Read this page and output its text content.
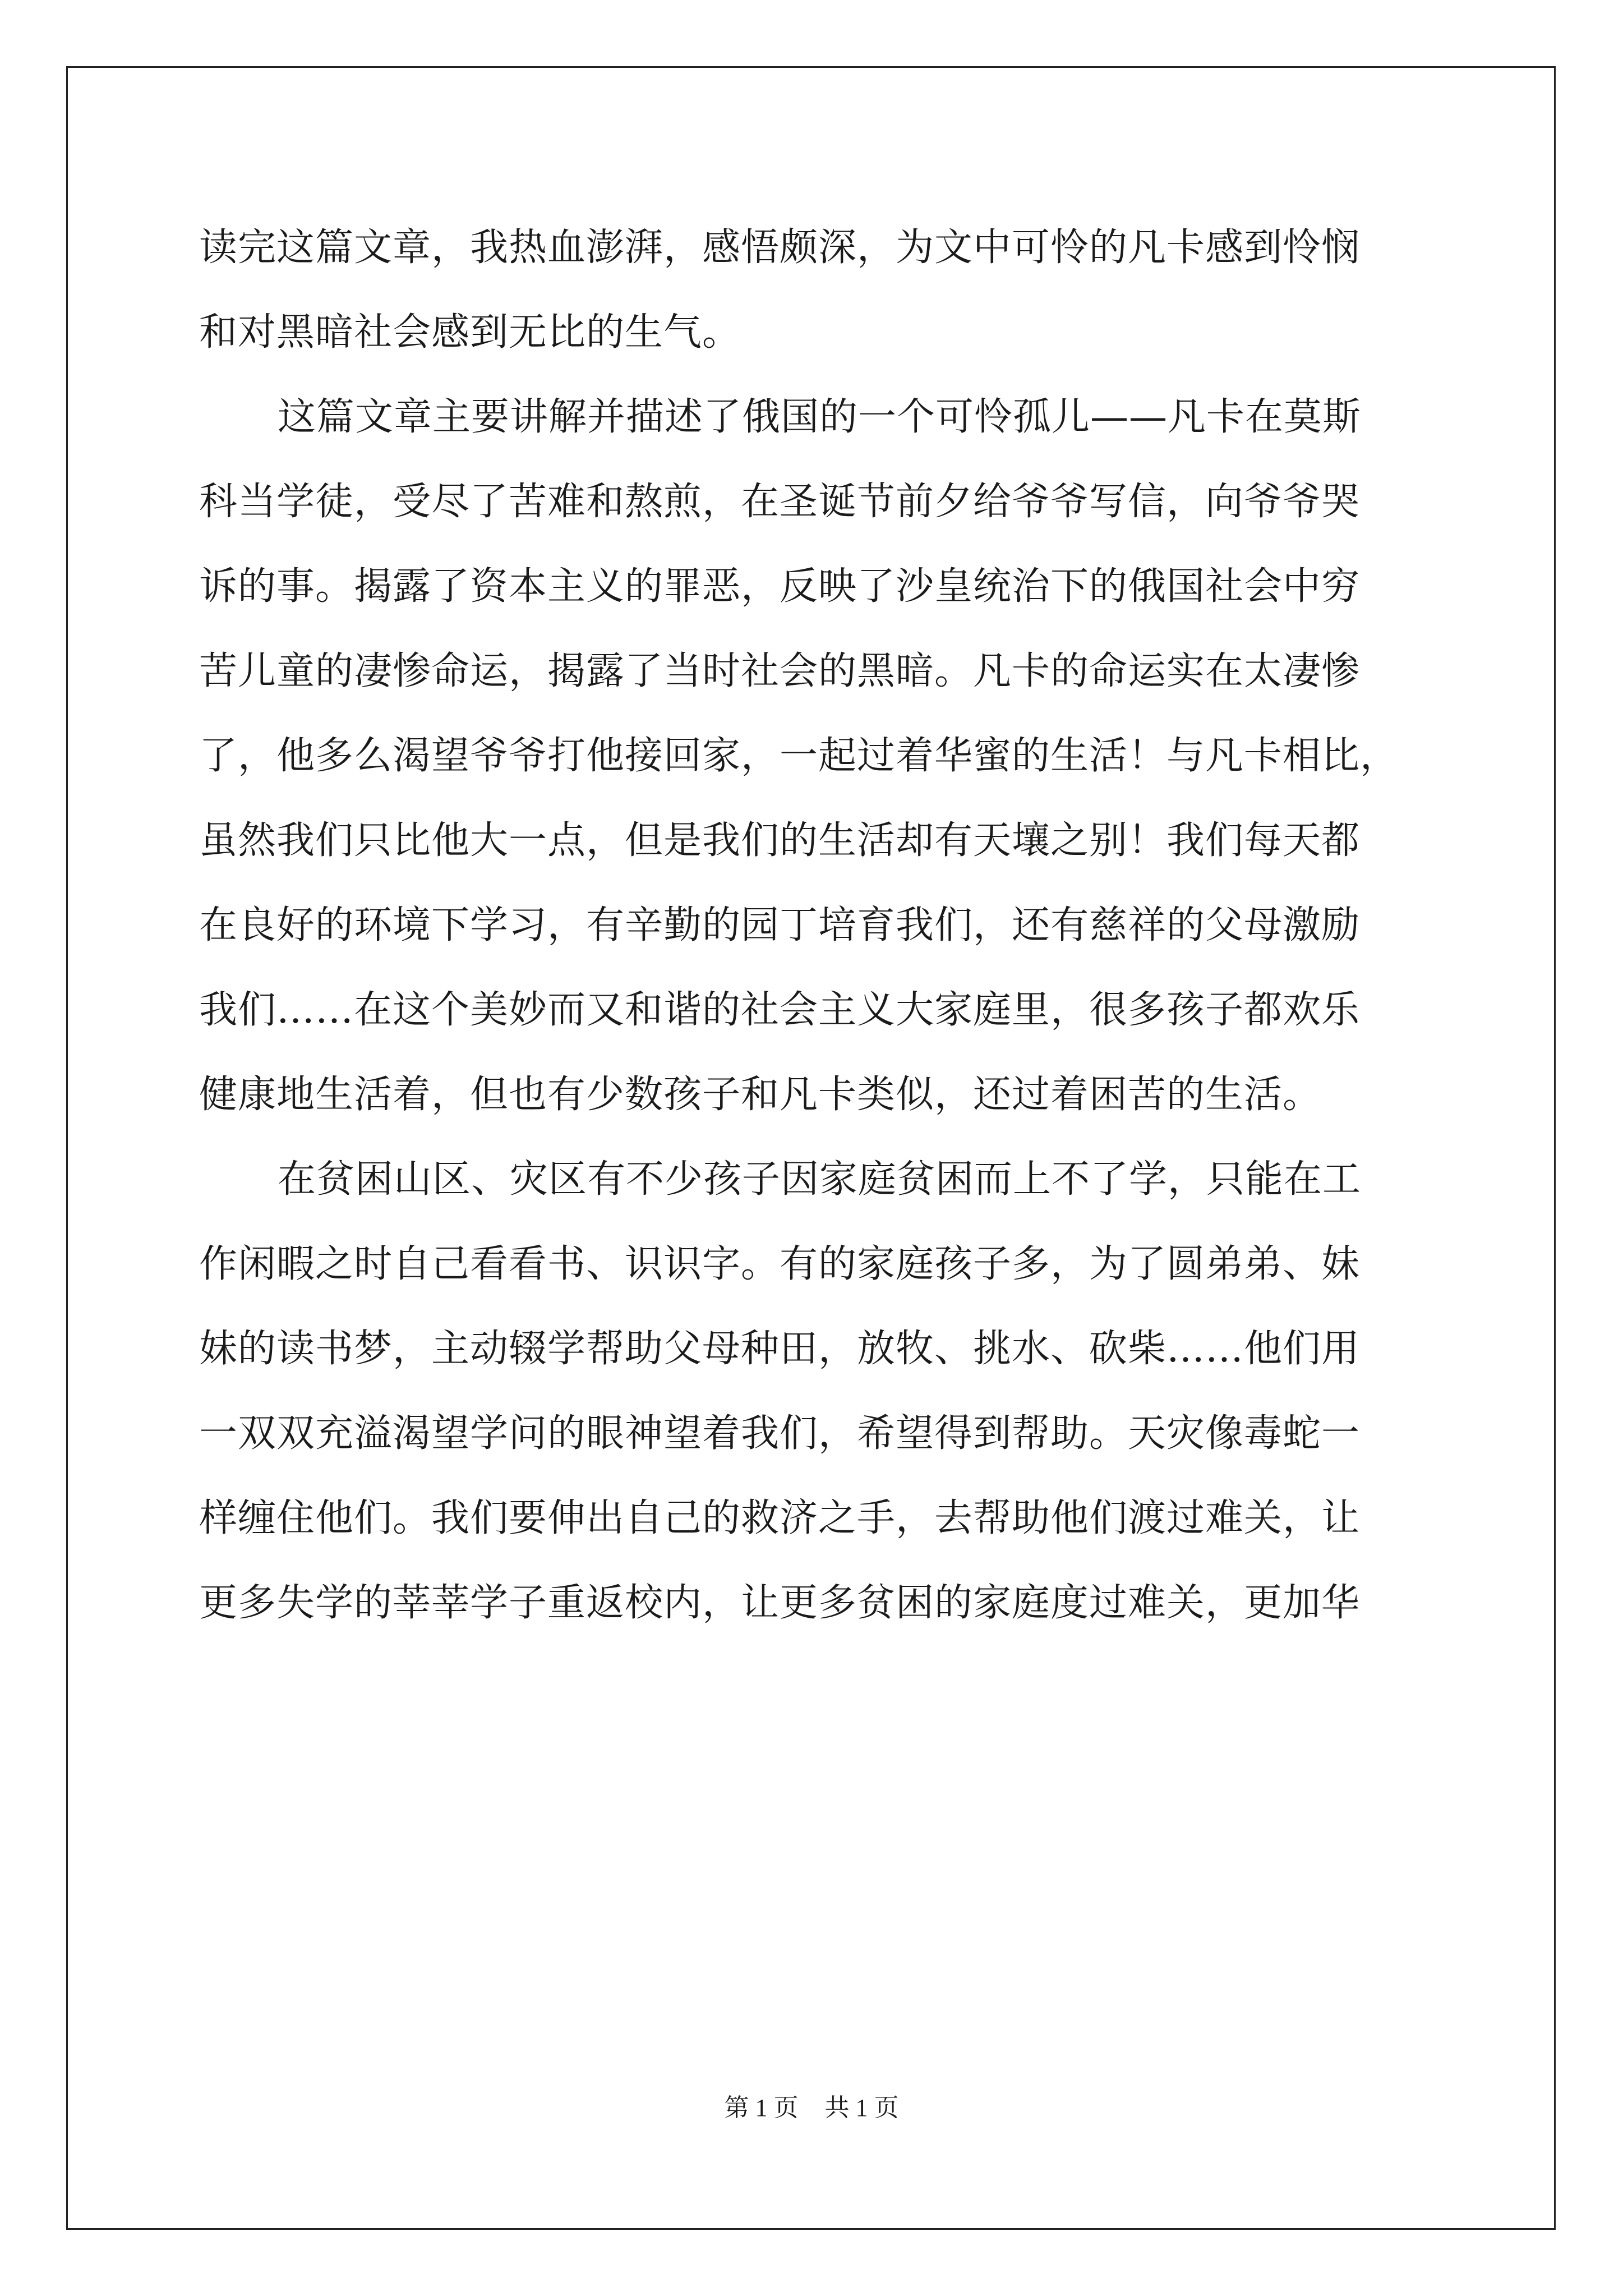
读完这篇文章，我热血澎湃，感悟颇深，为文中可怜的凡卡感到怜悯
和对黑暗社会感到无比的生气。
这篇文章主要讲解并描述了俄国的一个可怜孤儿——凡卡在莫斯
科当学徒，受尽了苦难和熬煎，在圣诞节前夕给爷爷写信，向爷爷哭
诉的事。揭露了资本主义的罪恶，反映了沙皇统治下的俄国社会中穷
苦儿童的凄惨命运，揭露了当时社会的黑暗。凡卡的命运实在太凄惨
了，他多么渴望爷爷打他接回家，一起过着华蜜的生活！与凡卡相比，
虽然我们只比他大一点，但是我们的生活却有天壤之别！我们每天都
在良好的环境下学习，有辛勤的园丁培育我们，还有慈祥的父母激励
我们……在这个美妙而又和谐的社会主义大家庭里，很多孩子都欢乐
健康地生活着，但也有少数孩子和凡卡类似，还过着困苦的生活。
在贫困山区、灾区有不少孩子因家庭贫困而上不了学，只能在工
作闲暇之时自己看看书、识识字。有的家庭孩子多，为了圆弟弟、妹
妹的读书梦，主动辍学帮助父母种田，放牧、挑水、砍柴……他们用
一双双充溢渴望学问的眼神望着我们，希望得到帮助。天灾像毒蛇一
样缠住他们。我们要伸出自己的救济之手，去帮助他们渡过难关，让
更多失学的莘莘学子重返校内，让更多贫困的家庭度过难关，更加华
第 1 页 共 1 页
